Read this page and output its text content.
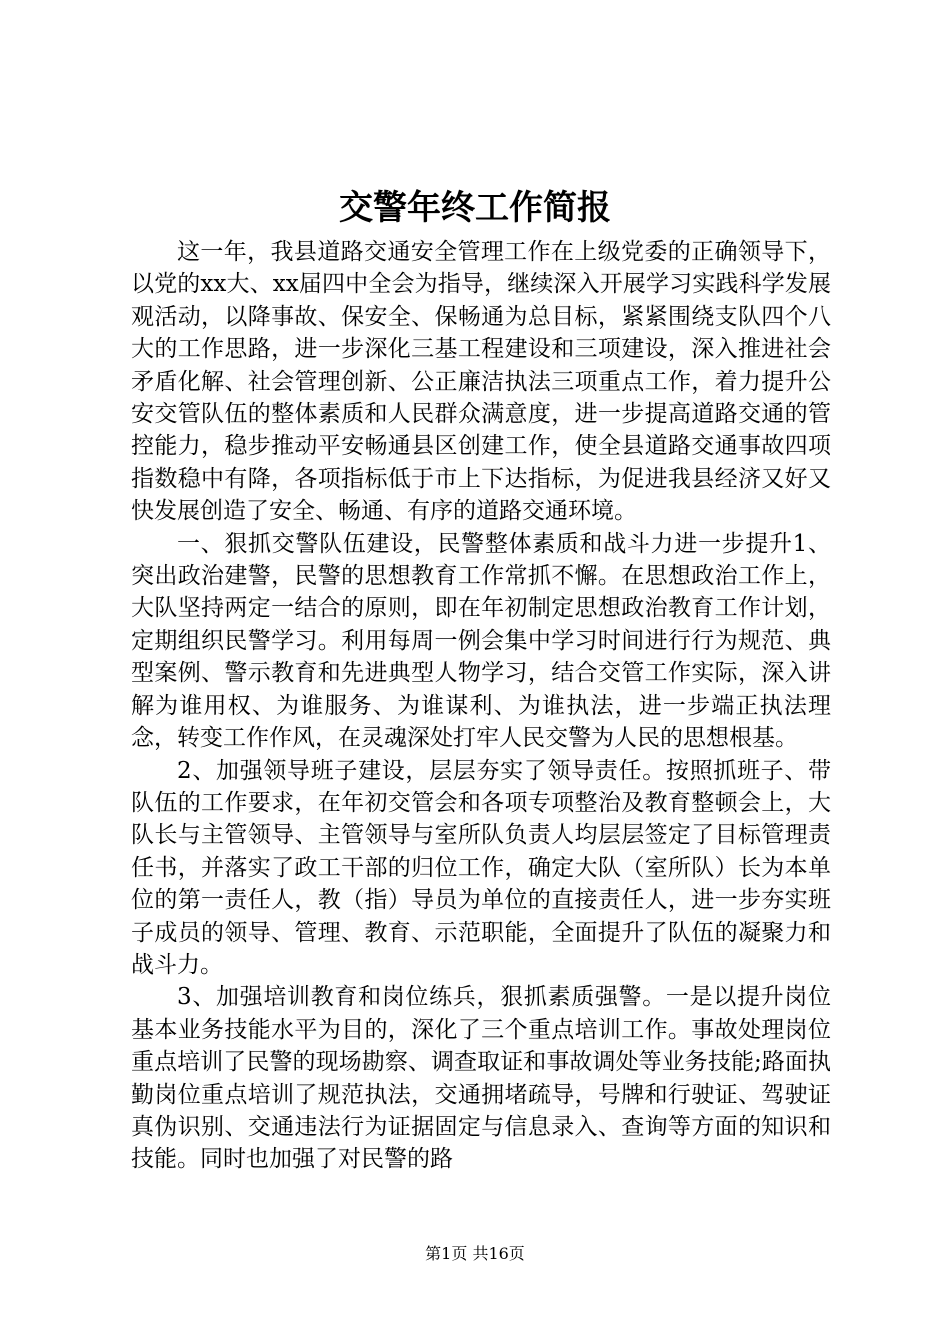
交警年终工作简报

这一年，我县道路交通安全管理工作在上级党委的正确领导下，以党的xx大、xx届四中全会为指导，继续深入开展学习实践科学发展观活动，以降事故、保安全、保畅通为总目标，紧紧围绕支队四个八大的工作思路，进一步深化三基工程建设和三项建设，深入推进社会矛盾化解、社会管理创新、公正廉洁执法三项重点工作，着力提升公安交管队伍的整体素质和人民群众满意度，进一步提高道路交通的管控能力，稳步推动平安畅通县区创建工作，使全县道路交通事故四项指数稳中有降，各项指标低于市上下达指标，为促进我县经济又好又快发展创造了安全、畅通、有序的道路交通环境。

一、狠抓交警队伍建设，民警整体素质和战斗力进一步提升1、突出政治建警，民警的思想教育工作常抓不懈。在思想政治工作上，大队坚持两定一结合的原则，即在年初制定思想政治教育工作计划，定期组织民警学习。利用每周一例会集中学习时间进行行为规范、典型案例、警示教育和先进典型人物学习，结合交管工作实际，深入讲解为谁用权、为谁服务、为谁谋利、为谁执法，进一步端正执法理念，转变工作作风，在灵魂深处打牢人民交警为人民的思想根基。

2、加强领导班子建设，层层夯实了领导责任。按照抓班子、带队伍的工作要求，在年初交管会和各项专项整治及教育整顿会上，大队长与主管领导、主管领导与室所队负责人均层层签定了目标管理责任书，并落实了政工干部的归位工作，确定大队（室所队）长为本单位的第一责任人，教（指）导员为单位的直接责任人，进一步夯实班子成员的领导、管理、教育、示范职能，全面提升了队伍的凝聚力和战斗力。

3、加强培训教育和岗位练兵，狠抓素质强警。一是以提升岗位基本业务技能水平为目的，深化了三个重点培训工作。事故处理岗位重点培训了民警的现场勘察、调查取证和事故调处等业务技能;路面执勤岗位重点培训了规范执法，交通拥堵疏导，号牌和行驶证、驾驶证真伪识别、交通违法行为证据固定与信息录入、查询等方面的知识和技能。同时也加强了对民警的路

第1页 共16页
